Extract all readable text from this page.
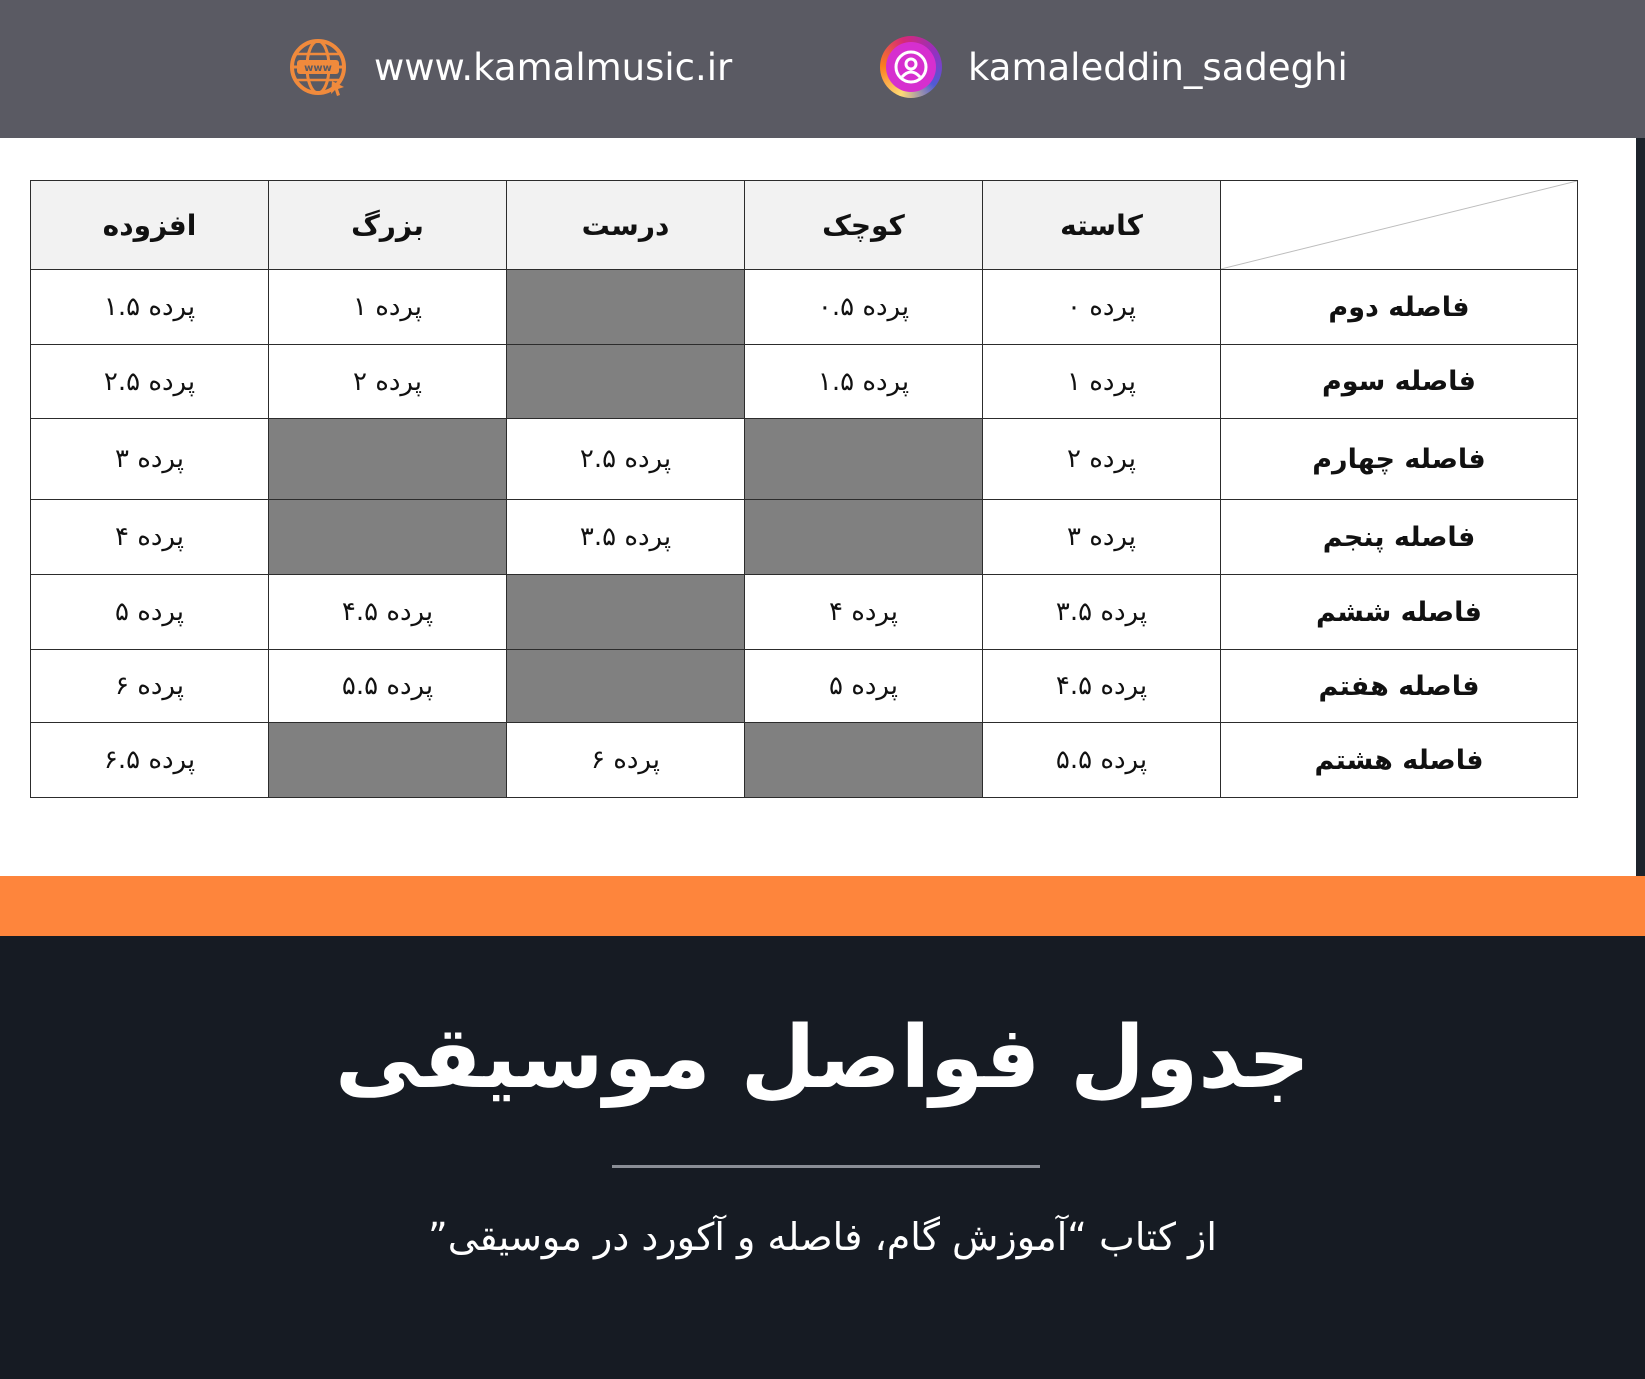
www www.kamalmusic.ir	kamaleddin_sadeghi
افزوده	بزرگ	درست	کوچک	کاسته	

۱.۵ پرده	۱ پرده		۰.۵ پرده	۰ پرده	فاصله دوم
۲.۵ پرده	۲ پرده		۱.۵ پرده	۱ پرده	فاصله سوم
۳ پرده		۲.۵ پرده		۲ پرده	فاصله چهارم
۴ پرده		۳.۵ پرده		۳ پرده	فاصله پنجم
۵ پرده	۴.۵ پرده		۴ پرده	۳.۵ پرده	فاصله ششم
۶ پرده	۵.۵ پرده		۵ پرده	۴.۵ پرده	فاصله هفتم
۶.۵ پرده		۶ پرده		۵.۵ پرده	فاصله هشتم
جدول فواصل موسیقی
از کتاب “آموزش گام، فاصله و آکورد در موسیقی”
